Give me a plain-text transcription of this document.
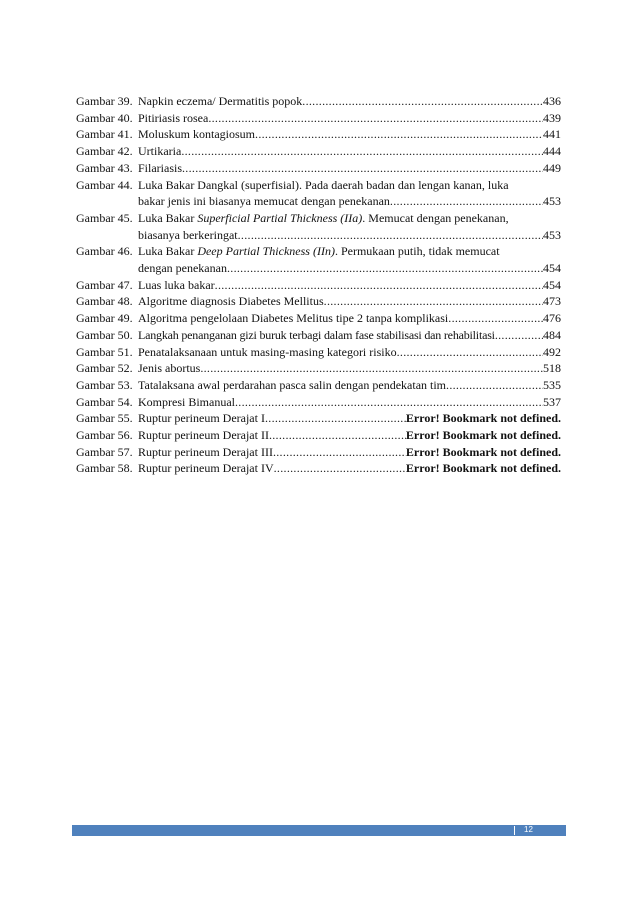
Gambar 39. Napkin eczema/ Dermatitis popok .....	436
Gambar 40. Pitiriasis rosea .....	439
Gambar 41. Moluskum kontagiosum .....	441
Gambar 42. Urtikaria .....	444
Gambar 43. Filariasis .....	449
Gambar 44. Luka Bakar Dangkal (superfisial). Pada daerah badan dan lengan kanan, luka
bakar jenis ini biasanya memucat dengan penekanan .....	453
Gambar 45. Luka Bakar Superficial Partial Thickness (IIa). Memucat dengan penekanan,
biasanya berkeringat .....	453
Gambar 46. Luka Bakar Deep Partial Thickness (IIn). Permukaan putih, tidak memucat
dengan penekanan .....	454
Gambar 47. Luas luka bakar .....	454
Gambar 48. Algoritme diagnosis Diabetes Mellitus .....	473
Gambar 49. Algoritma pengelolaan Diabetes Melitus tipe 2 tanpa komplikasi .....	476
Gambar 50. Langkah penanganan gizi buruk terbagi dalam fase stabilisasi dan rehabilitasi .....	484
Gambar 51. Penatalaksanaan untuk masing-masing kategori risiko .....	492
Gambar 52. Jenis abortus .....	518
Gambar 53. Tatalaksana awal perdarahan pasca salin dengan pendekatan tim .....	535
Gambar 54. Kompresi Bimanual .....	537
Gambar 55. Ruptur perineum Derajat I .....	Error! Bookmark not defined.
Gambar 56. Ruptur perineum Derajat II .....	Error! Bookmark not defined.
Gambar 57. Ruptur perineum Derajat III .....	Error! Bookmark not defined.
Gambar 58. Ruptur perineum Derajat IV .....	Error! Bookmark not defined.
12
